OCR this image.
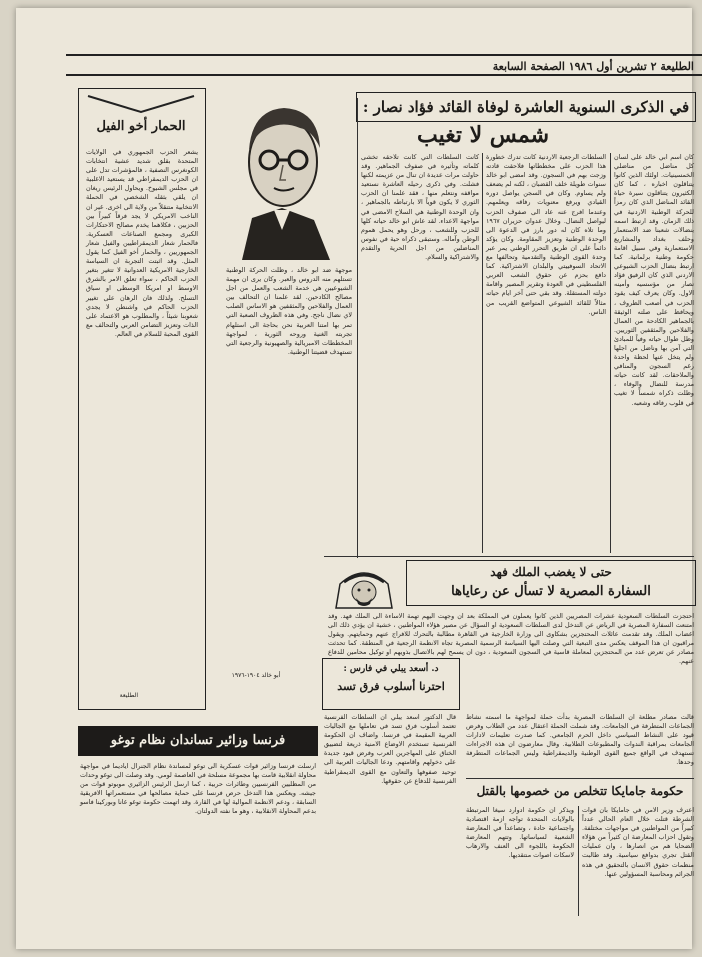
الطليعة ٢ تشرين أول ١٩٨٦ الصفحة السابعة
في الذكرى السنوية العاشرة لوفاة القائد فؤاد نصار :
شمس لا تغيب
كان اسم ابي خالد على لسان كل مناضل من مناضلي الخمسينيات. اولئك الذين كانوا يتناقلون اخباره ، كما كان الكثيرون يتناقلون سيرة حياة القائد المناضل الذي كان رمزاً للحركة الوطنية الاردنية في ذلك الزمان. وقد ارتبط اسمه بنضالات شعبنا ضد الاستعمار وحلف بغداد والمشاريع الاستعمارية وفي سبيل اقامة حكومة وطنية برلمانية. كما ارتبط بنضال الحزب الشيوعي الاردني الذي كان الرفيق فؤاد نصار من مؤسسيه وأمينه الاول. وكان يعرف كيف يقود الحزب في أصعب الظروف ، ويحافظ على صلته الوثيقة بالجماهير الكادحة من العمال والفلاحين والمثقفين الثوريين. وظل طوال حياته وفياً للمبادئ التي آمن بها وناضل من اجلها ولم يتخل عنها لحظة واحدة رغم السجون والمنافي والملاحقات. لقد كانت حياته مدرسة للنضال والوفاء ، وظلت ذكراه شمساً لا تغيب في قلوب رفاقه وشعبه.
السلطات الرجعية الاردنية كانت تدرك خطورة هذا الحزب على مخططاتها فلاحقت قادته وزجت بهم في السجون. وقد امضى ابو خالد سنوات طويلة خلف القضبان ، لكنه لم يضعف ولم يساوم. وكان في السجن يواصل دوره القيادي ويرفع معنويات رفاقه ويعلمهم. وعندما افرج عنه عاد الى صفوف الحزب ليواصل النضال. وخلال عدوان حزيران ١٩٦٧ وما تلاه كان له دور بارز في الدعوة الى الوحدة الوطنية وتعزيز المقاومة. وكان يؤكد دائماً على ان طريق التحرر الوطني يمر عبر وحدة القوى الوطنية والتقدمية وتحالفها مع الاتحاد السوفييتي والبلدان الاشتراكية. كما دافع بحزم عن حقوق الشعب العربي الفلسطيني في العودة وتقرير المصير واقامة دولته المستقلة. وقد بقي حتى آخر ايام حياته مثالاً للقائد الشيوعي المتواضع القريب من الناس.
كانت السلطات التي كانت تلاحقه تخشى كلماته وتأثيره في صفوف الجماهير. وقد حاولت مرات عديدة ان تنال من عزيمته لكنها فشلت. وفي ذكرى رحيله العاشرة نستعيد مواقفه ونتعلم منها ، فقد علمنا ان الحزب الثوري لا يكون قوياً الا بارتباطه بالجماهير ، وان الوحدة الوطنية هي السلاح الامضى في مواجهة الاعداء. لقد عاش ابو خالد حياته كلها للحزب وللشعب ، ورحل وهو يحمل هموم الوطن وآماله. وستبقى ذكراه حية في نفوس المناضلين من اجل الحرية والتقدم والاشتراكية والسلام.
موجهة ضد ابو خالد ، وظلت الحركة الوطنية تستلهم منه الدروس والعبر. وكان يرى ان مهمة الشيوعيين هي خدمة الشعب والعمل من اجل مصالح الكادحين. لقد علمنا ان التحالف بين العمال والفلاحين والمثقفين هو الاساس الصلب لاي نضال ناجح. وفي هذه الظروف الصعبة التي تمر بها امتنا العربية نحن بحاجة الى استلهام تجربته الغنية وروحه الثورية ، لمواجهة المخططات الامبريالية والصهيونية والرجعية التي تستهدف قضيتنا الوطنية.
أبو خالد ١٩٠٤-١٩٧٦
الحمار أخو الفيل
يشعر الحزب الجمهوري في الولايات المتحدة بقلق شديد عشية انتخابات الكونغرس النصفية ، فالمؤشرات تدل على ان الحزب الديمقراطي قد يستعيد الاغلبية في مجلس الشيوخ. ويحاول الرئيس ريغان ان يلقي بثقله الشخصي في الحملة الانتخابية متنقلاً من ولاية الى اخرى. غير ان الناخب الامريكي لا يجد فرقاً كبيراً بين الحزبين ، فكلاهما يخدم مصالح الاحتكارات الكبرى ومجمع الصناعات العسكرية. فالحمار شعار الديمقراطيين والفيل شعار الجمهوريين ، والحمار أخو الفيل كما يقول المثل. وقد اثبتت التجربة ان السياسة الخارجية الامريكية العدوانية لا تتغير بتغير الحزب الحاكم ، سواء تعلق الامر بالشرق الاوسط او امريكا الوسطى او سباق التسلح. ولذلك فان الرهان على تغيير الحزب الحاكم في واشنطن لا يجدي شعوبنا شيئاً ، والمطلوب هو الاعتماد على الذات وتعزيز التضامن العربي والتحالف مع القوى المحبة للسلام في العالم.
الطليعة
حتى لا يغضب الملك فهد
السفارة المصرية لا تسأل عن رعاياها
احتجزت السلطات السعودية عشرات المصريين الذين كانوا يعملون في المملكة بعد ان وجهت اليهم تهمة الاساءة الى الملك فهد. وقد امتنعت السفارة المصرية في الرياض عن التدخل لدى السلطات السعودية او السؤال عن مصير هؤلاء المواطنين ، خشية ان يؤدي ذلك الى اغضاب الملك. وقد تقدمت عائلات المحتجزين بشكاوى الى وزارة الخارجية في القاهرة مطالبة بالتحرك للافراج عنهم وحمايتهم. ويقول مراقبون ان هذا الموقف يعكس مدى التبعية التي وصلت اليها السياسة الرسمية المصرية تجاه الانظمة الرجعية في المنطقة. كما تحدثت مصادر عن تعرض عدد من المحتجزين لمعاملة قاسية في السجون السعودية ، دون ان يسمح لهم بالاتصال بذويهم او توكيل محامين للدفاع عنهم.
د. أسعد يبلي في فارس :
احترنا أسلوب فرق تسد
قال الدكتور اسعد يبلي ان السلطات الفرنسية تعتمد أسلوب فرق تسد في تعاملها مع الجاليات العربية المقيمة في فرنسا. واضاف ان الحكومة الفرنسية تستخدم الاوضاع الامنية ذريعة لتضييق الخناق على المهاجرين العرب وفرض قيود جديدة على دخولهم واقامتهم. ودعا الجاليات العربية الى توحيد صفوفها والتعاون مع القوى الديمقراطية الفرنسية للدفاع عن حقوقها.
فرنسا وزائير تساندان نظام توغو
ارسلت فرنسا وزائير قوات عسكرية الى توغو لمساندة نظام الجنرال اياديما في مواجهة محاولة انقلابية قامت بها مجموعة مسلحة في العاصمة لومي. وقد وصلت الى توغو وحدات من المظليين الفرنسيين وطائرات حربية ، كما ارسل الرئيس الزائيري موبوتو قوات من جيشه. ويعكس هذا التدخل حرص فرنسا على حماية مصالحها في مستعمراتها الافريقية السابقة ، ودعم الانظمة الموالية لها في القارة. وقد اتهمت حكومة توغو غانا وبوركينا فاسو بدعم المحاولة الانقلابية ، وهو ما نفته الدولتان.
قالت مصادر مطلعة ان السلطات المصرية بدأت حملة لمواجهة ما اسمته نشاط الجماعات المتطرفة في الجامعات. وقد شملت الحملة اعتقال عدد من الطلاب وفرض قيود على النشاط السياسي داخل الحرم الجامعي. كما صدرت تعليمات لادارات الجامعات بمراقبة الندوات والمطبوعات الطلابية. وقال معارضون ان هذه الاجراءات تستهدف في الواقع جميع القوى الوطنية والديمقراطية وليس الجماعات المتطرفة وحدها.
حكومة جامايكا تتخلص من خصومها بالقتل
اعترف وزير الامن في جامايكا بان قوات الشرطة قتلت خلال العام الحالي عدداً كبيراً من المواطنين في مواجهات مختلفة. وتقول احزاب المعارضة ان كثيراً من هؤلاء الضحايا هم من انصارها ، وان عمليات القتل تجري بدوافع سياسية. وقد طالبت منظمات حقوق الانسان بالتحقيق في هذه الجرائم ومحاسبة المسؤولين عنها.
ويذكر ان حكومة ادوارد سيغا المرتبطة بالولايات المتحدة تواجه ازمة اقتصادية واجتماعية حادة ، وتصاعداً في المعارضة الشعبية لسياساتها. وتتهم المعارضة الحكومة باللجوء الى العنف والارهاب لاسكات اصوات منتقديها.
